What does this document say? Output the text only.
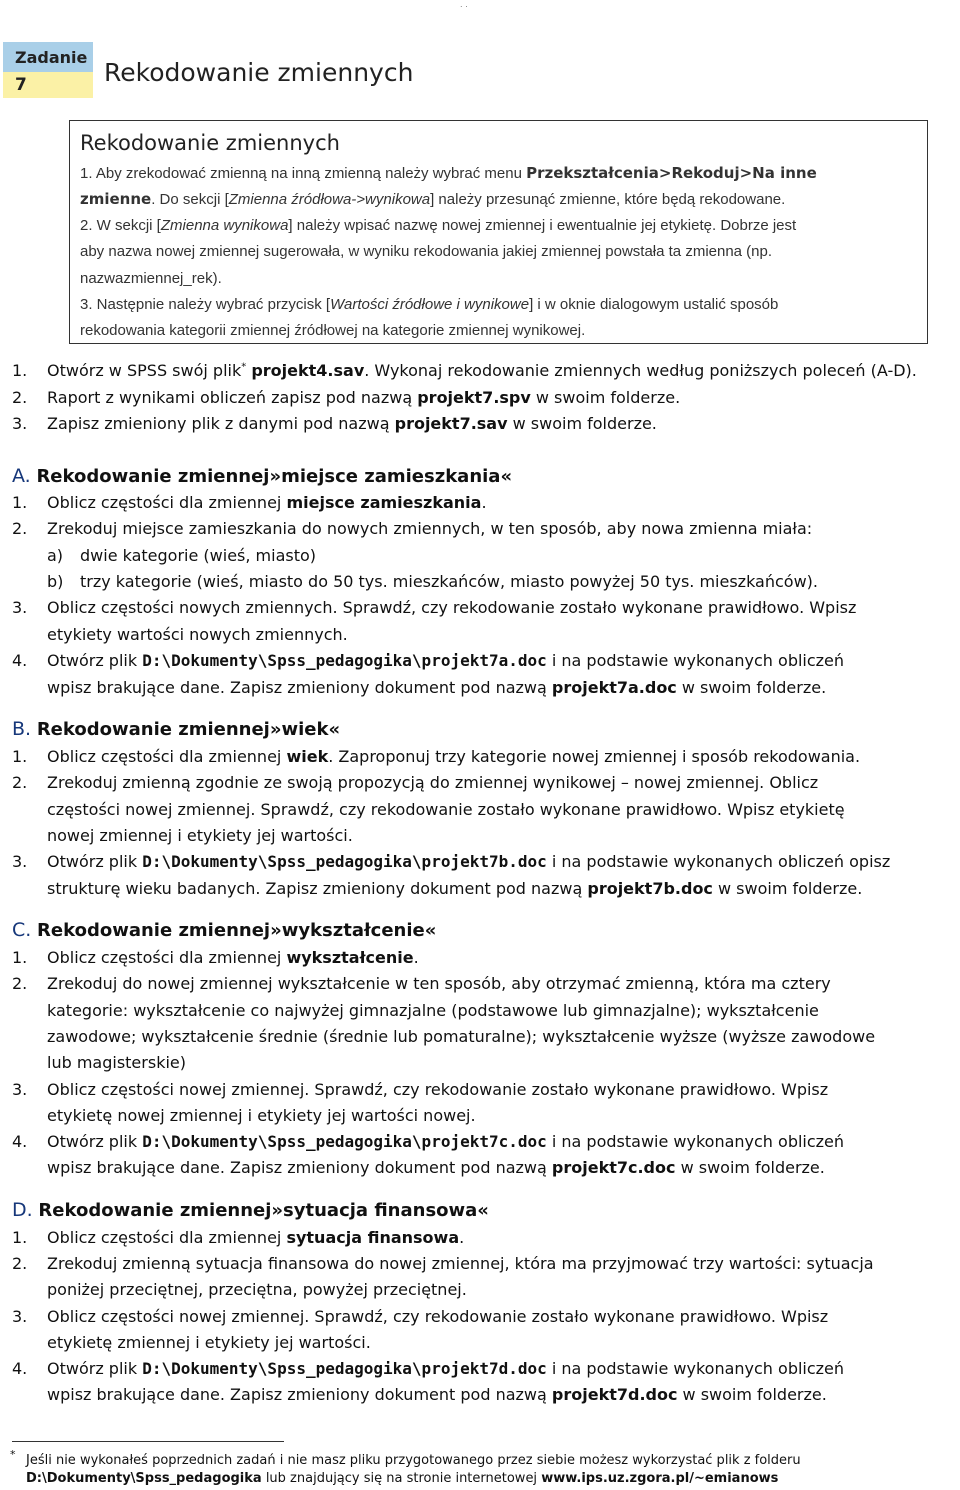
. .
Zadanie
7	Rekodowanie zmiennych
Rekodowanie zmiennych
1. Aby zrekodować zmienną na inną zmienną należy wybrać menu Przekształcenia>Rekoduj>Na inne
zmienne. Do sekcji [Zmienna źródłowa->wynikowa] należy przesunąć zmienne, które będą rekodowane.
2. W sekcji [Zmienna wynikowa] należy wpisać nazwę nowej zmiennej i ewentualnie jej etykietę. Dobrze jest
aby nazwa nowej zmiennej sugerowała, w wyniku rekodowania jakiej zmiennej powstała ta zmienna (np.
nazwazmiennej_rek).
3. Następnie należy wybrać przycisk [Wartości źródłowe i wynikowe] i w oknie dialogowym ustalić sposób
rekodowania kategorii zmiennej źródłowej na kategorie zmiennej wynikowej.
1. Otwórz w SPSS swój plik* projekt4.sav. Wykonaj rekodowanie zmiennych według poniższych poleceń (A-D).
2. Raport z wynikami obliczeń zapisz pod nazwą projekt7.spv w swoim folderze.
3. Zapisz zmieniony plik z danymi pod nazwą projekt7.sav w swoim folderze.
A. Rekodowanie zmiennej»miejsce zamieszkania«
1. Oblicz częstości dla zmiennej miejsce zamieszkania.
2. Zrekoduj miejsce zamieszkania do nowych zmiennych, w ten sposób, aby nowa zmienna miała:
a) dwie kategorie (wieś, miasto)
b) trzy kategorie (wieś, miasto do 50 tys. mieszkańców, miasto powyżej 50 tys. mieszkańców).
3. Oblicz częstości nowych zmiennych. Sprawdź, czy rekodowanie zostało wykonane prawidłowo. Wpisz
etykiety wartości nowych zmiennych.
4. Otwórz plik D:\Dokumenty\Spss_pedagogika\projekt7a.doc i na podstawie wykonanych obliczeń
wpisz brakujące dane. Zapisz zmieniony dokument pod nazwą projekt7a.doc w swoim folderze.
B. Rekodowanie zmiennej»wiek«
1. Oblicz częstości dla zmiennej wiek. Zaproponuj trzy kategorie nowej zmiennej i sposób rekodowania.
2. Zrekoduj zmienną zgodnie ze swoją propozycją do zmiennej wynikowej – nowej zmiennej. Oblicz
częstości nowej zmiennej. Sprawdź, czy rekodowanie zostało wykonane prawidłowo. Wpisz etykietę
nowej zmiennej i etykiety jej wartości.
3. Otwórz plik D:\Dokumenty\Spss_pedagogika\projekt7b.doc i na podstawie wykonanych obliczeń opisz
strukturę wieku badanych. Zapisz zmieniony dokument pod nazwą projekt7b.doc w swoim folderze.
C. Rekodowanie zmiennej»wykształcenie«
1. Oblicz częstości dla zmiennej wykształcenie.
2. Zrekoduj do nowej zmiennej wykształcenie w ten sposób, aby otrzymać zmienną, która ma cztery
kategorie: wykształcenie co najwyżej gimnazjalne (podstawowe lub gimnazjalne); wykształcenie
zawodowe; wykształcenie średnie (średnie lub pomaturalne); wykształcenie wyższe (wyższe zawodowe
lub magisterskie)
3. Oblicz częstości nowej zmiennej. Sprawdź, czy rekodowanie zostało wykonane prawidłowo. Wpisz
etykietę nowej zmiennej i etykiety jej wartości nowej.
4. Otwórz plik D:\Dokumenty\Spss_pedagogika\projekt7c.doc i na podstawie wykonanych obliczeń
wpisz brakujące dane. Zapisz zmieniony dokument pod nazwą projekt7c.doc w swoim folderze.
D. Rekodowanie zmiennej»sytuacja finansowa«
1. Oblicz częstości dla zmiennej sytuacja finansowa.
2. Zrekoduj zmienną sytuacja finansowa do nowej zmiennej, która ma przyjmować trzy wartości: sytuacja
poniżej przeciętnej, przeciętna, powyżej przeciętnej.
3. Oblicz częstości nowej zmiennej. Sprawdź, czy rekodowanie zostało wykonane prawidłowo. Wpisz
etykietę zmiennej i etykiety jej wartości.
4. Otwórz plik D:\Dokumenty\Spss_pedagogika\projekt7d.doc i na podstawie wykonanych obliczeń
wpisz brakujące dane. Zapisz zmieniony dokument pod nazwą projekt7d.doc w swoim folderze.
* Jeśli nie wykonałeś poprzednich zadań i nie masz pliku przygotowanego przez siebie możesz wykorzystać plik z folderu
D:\Dokumenty\Spss_pedagogika lub znajdujący się na stronie internetowej www.ips.uz.zgora.pl/~emianows
